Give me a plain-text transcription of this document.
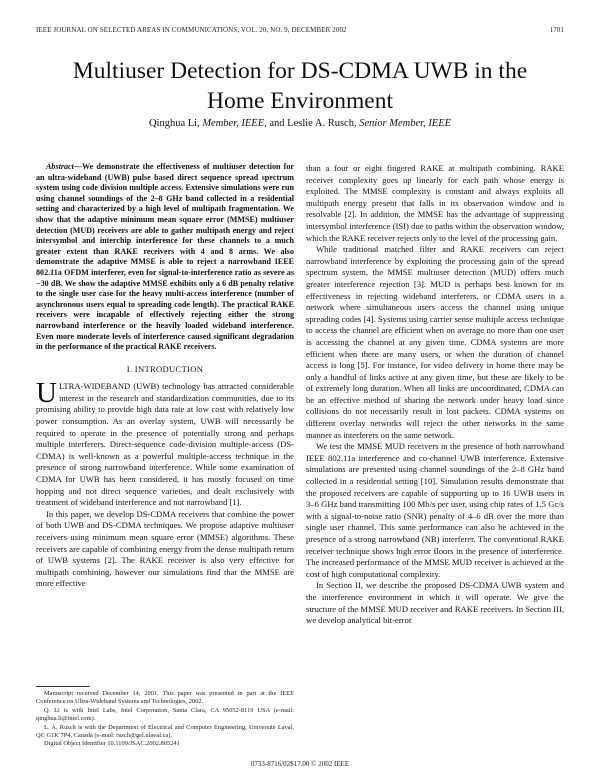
IEEE JOURNAL ON SELECTED AREAS IN COMMUNICATIONS, VOL. 20, NO. 9, DECEMBER 2002	1701
Multiuser Detection for DS-CDMA UWB in the
Home Environment
Qinghua Li, Member, IEEE, and Leslie A. Rusch, Senior Member, IEEE

Abstract—We demonstrate the effectiveness of multiuser detection for an ultra-wideband (UWB) pulse based direct sequence spread spectrum system using code division multiple access. Extensive simulations were run using channel soundings of the 2–8 GHz band collected in a residential setting and characterized by a high level of multipath fragmentation. We show that the adaptive minimum mean square error (MMSE) multiuser detection (MUD) receivers are able to gather multipath energy and reject intersymbol and interchip interference for these channels to a much greater extent than RAKE receivers with 4 and 8 arms. We also demonstrate the adaptive MMSE is able to reject a narrowband IEEE 802.11a OFDM interferer, even for signal-to-interference ratio as severe as −30 dB. We show the adaptive MMSE exhibits only a 6 dB penalty relative to the single user case for the heavy multi-access interference (number of asynchronous users equal to spreading code length). The practical RAKE receivers were incapable of effectively rejecting either the strong narrowband interference or the heavily loaded wideband interference. Even more moderate levels of interference caused significant degradation in the performance of the practical RAKE receivers.

I. INTRODUCTION

ULTRA-WIDEBAND (UWB) technology has attracted considerable interest in the research and standardization communities, due to its promising ability to provide high data rate at low cost with relatively low power consumption. As an overlay system, UWB will necessarily be required to operate in the presence of potentially strong and perhaps multiple interferers. Direct-sequence code-division multiple-access (DS-CDMA) is well-known as a powerful multiple-access technique in the presence of strong narrowband interference. While some examination of CDMA for UWB has been considered, it has mostly focused on time hopping and not direct sequence varieties, and dealt exclusively with treatment of wideband interference and not narrowband [1].

In this paper, we develop DS-CDMA receivers that combine the power of both UWB and DS-CDMA techniques. We propose adaptive multiuser receivers using minimum mean square error (MMSE) algorithms. These receivers are capable of combining energy from the dense multipath return of UWB systems [2]. The RAKE receiver is also very effective for multipath combining, however our simulations find that the MMSE are more effective

than a four or eight fingered RAKE at multipath combining. RAKE receiver complexity goes up linearly for each path whose energy is exploited. The MMSE complexity is constant and always exploits all multipath energy present that falls in its observation window and is resolvable [2]. In addition, the MMSE has the advantage of suppressing intersymbol interference (ISI) due to paths within the observation window, which the RAKE receiver rejects only to the level of the processing gain.

While traditional matched filter and RAKE receivers can reject narrowband interference by exploiting the processing gain of the spread spectrum system, the MMSE multiuser detection (MUD) offers much greater interference rejection [3]. MUD is perhaps best known for its effectiveness in rejecting wideband interferers, or CDMA users in a network where simultaneous users access the channel using unique spreading codes [4]. Systems using carrier sense multiple access technique to access the channel are efficient when on average no more than one user is accessing the channel at any given time. CDMA systems are more efficient when there are many users, or when the duration of channel access is long [5]. For instance, for video delivery in home there may be only a handful of links active at any given time, but these are likely to be of extremely long duration. When all links are uncoordinated, CDMA can be an effective method of sharing the network under heavy load since collisions do not necessarily result in lost packets. CDMA systems on different overlay networks will reject the other networks in the same manner as interferers on the same network.

We test the MMSE MUD receivers in the presence of both narrowband IEEE 802.11a interference and co-channel UWB interference. Extensive simulations are presented using channel soundings of the 2–8 GHz band collected in a residential setting [10]. Simulation results demonstrate that the proposed receivers are capable of supporting up to 16 UWB users in 3–6 GHz band transmitting 100 Mb/s per user, using chip rates of 1.5 Gc/s with a signal-to-noise ratio (SNR) penalty of 4–6 dB over the more than single user channel. This same performance can also be achieved in the presence of a strong narrowband (NB) interferer. The conventional RAKE receiver technique shows high error floors in the presence of interference. The increased performance of the MMSE MUD receiver is achieved at the cost of high computational complexity.

In Section II, we describe the proposed DS-CDMA UWB system and the interference environment in which it will operate. We give the structure of the MMSE MUD receiver and RAKE receivers. In Section III, we develop analytical bit-error

Manuscript received December 14, 2001. This paper was presented in part at the IEEE Conference on Ultra-Wideband Systems and Technologies, 2002.

Q. Li is with Intel Labs, Intel Corporation, Santa Clara, CA 95052-8119 USA (e-mail: qinghua.li@intel.com).

L. A. Rusch is with the Department of Electrical and Computer Engineering, Université Laval, QC G1K 7P4, Canada (e-mail: rusch@gel.ulaval.ca).

Digital Object Identifier 10.1109/JSAC.2002.805241

0733-8716/02$17.00 © 2002 IEEE
